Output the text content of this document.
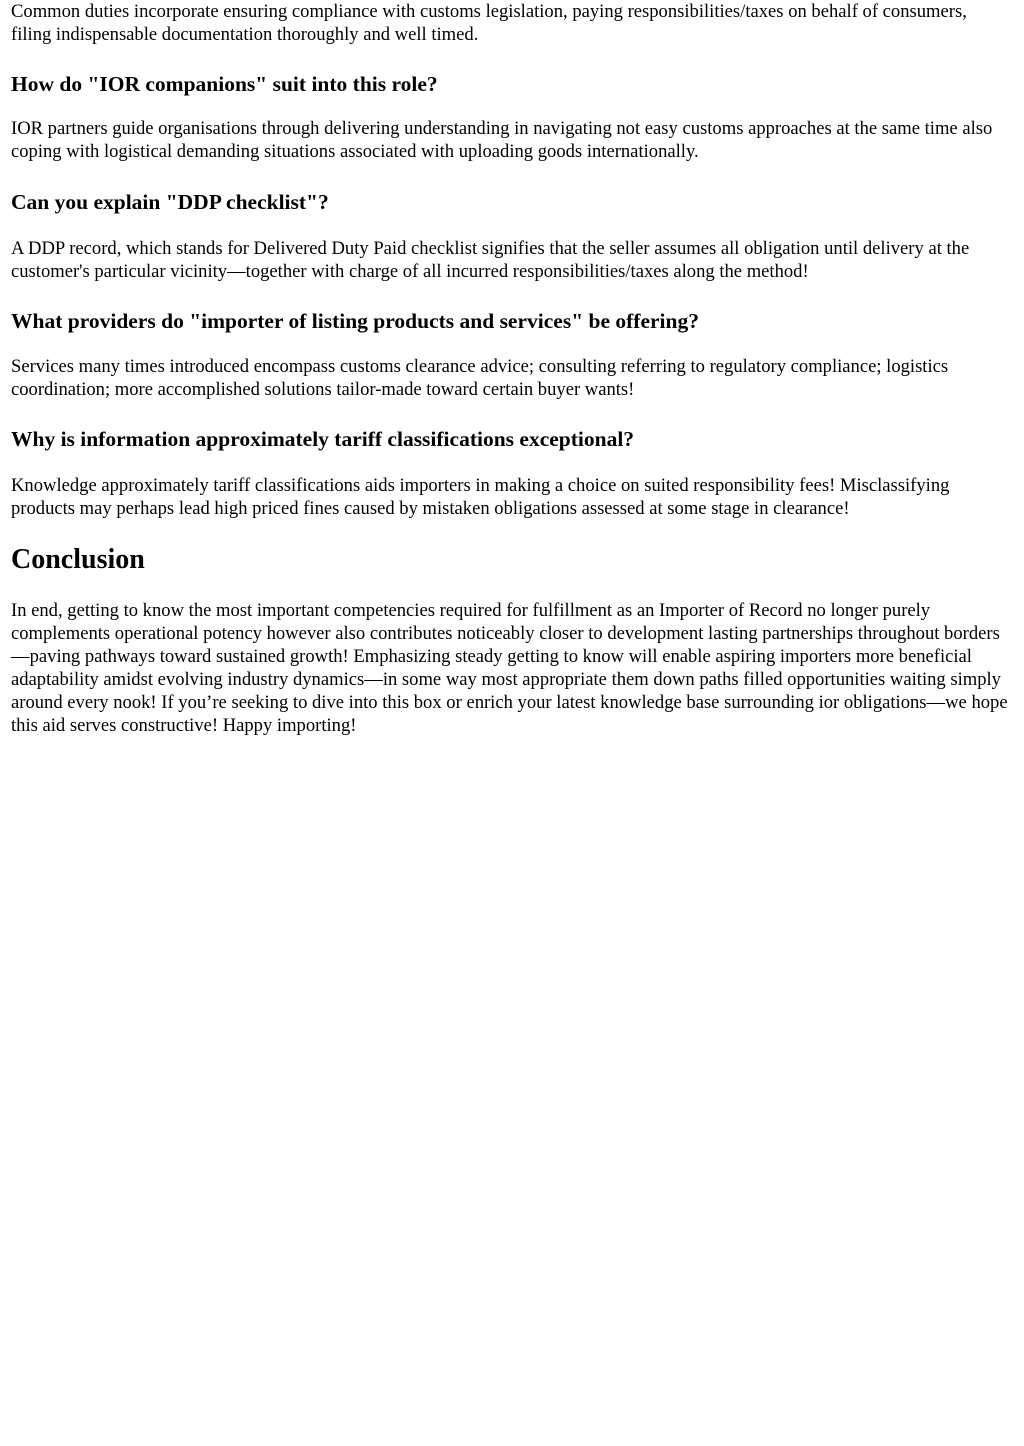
Common duties incorporate ensuring compliance with customs legislation, paying responsibilities/taxes on behalf of consumers, filing indispensable documentation thoroughly and well timed.

How do "IOR companions" suit into this role?

IOR partners guide organisations through delivering understanding in navigating not easy customs approaches at the same time also coping with logistical demanding situations associated with uploading goods internationally.

Can you explain "DDP checklist"?

A DDP record, which stands for Delivered Duty Paid checklist signifies that the seller assumes all obligation until delivery at the customer's particular vicinity—together with charge of all incurred responsibilities/taxes along the method!

What providers do "importer of listing products and services" be offering?

Services many times introduced encompass customs clearance advice; consulting referring to regulatory compliance; logistics coordination; more accomplished solutions tailor-made toward certain buyer wants!

Why is information approximately tariff classifications exceptional?

Knowledge approximately tariff classifications aids importers in making a choice on suited responsibility fees! Misclassifying products may perhaps lead high priced fines caused by mistaken obligations assessed at some stage in clearance!

Conclusion

In end, getting to know the most important competencies required for fulfillment as an Importer of Record no longer purely complements operational potency however also contributes noticeably closer to development lasting partnerships throughout borders—paving pathways toward sustained growth! Emphasizing steady getting to know will enable aspiring importers more beneficial adaptability amidst evolving industry dynamics—in some way most appropriate them down paths filled opportunities waiting simply around every nook! If you’re seeking to dive into this box or enrich your latest knowledge base surrounding ior obligations—we hope this aid serves constructive! Happy importing!
